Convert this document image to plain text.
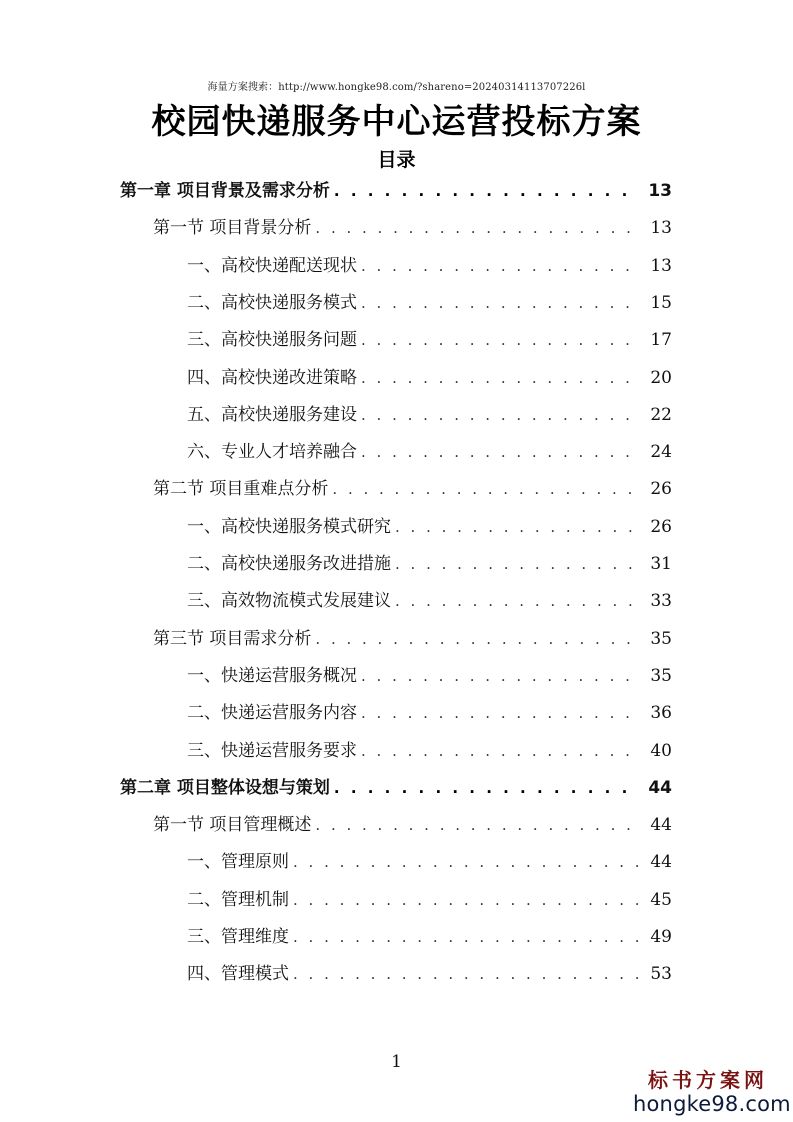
海量方案搜索：http://www.hongke98.com/?shareno=20240314113707226l
校园快递服务中心运营投标方案
目录
第一章 项目背景及需求分析 . . .	13
第一节 项目背景分析 . . .	13
一、高校快递配送现状 . . .	13
二、高校快递服务模式 . . .	15
三、高校快递服务问题 . . .	17
四、高校快递改进策略 . . .	20
五、高校快递服务建设 . . .	22
六、专业人才培养融合 . . .	24
第二节 项目重难点分析 . . .	26
一、高校快递服务模式研究 . . .	26
二、高校快递服务改进措施 . . .	31
三、高效物流模式发展建议 . . .	33
第三节 项目需求分析 . . .	35
一、快递运营服务概况 . . .	35
二、快递运营服务内容 . . .	36
三、快递运营服务要求 . . .	40
第二章 项目整体设想与策划 . . .	44
第一节 项目管理概述 . . .	44
一、管理原则 . . .	44
二、管理机制 . . .	45
三、管理维度 . . .	49
四、管理模式 . . .	53
1
标书方案网
hongke98.com
